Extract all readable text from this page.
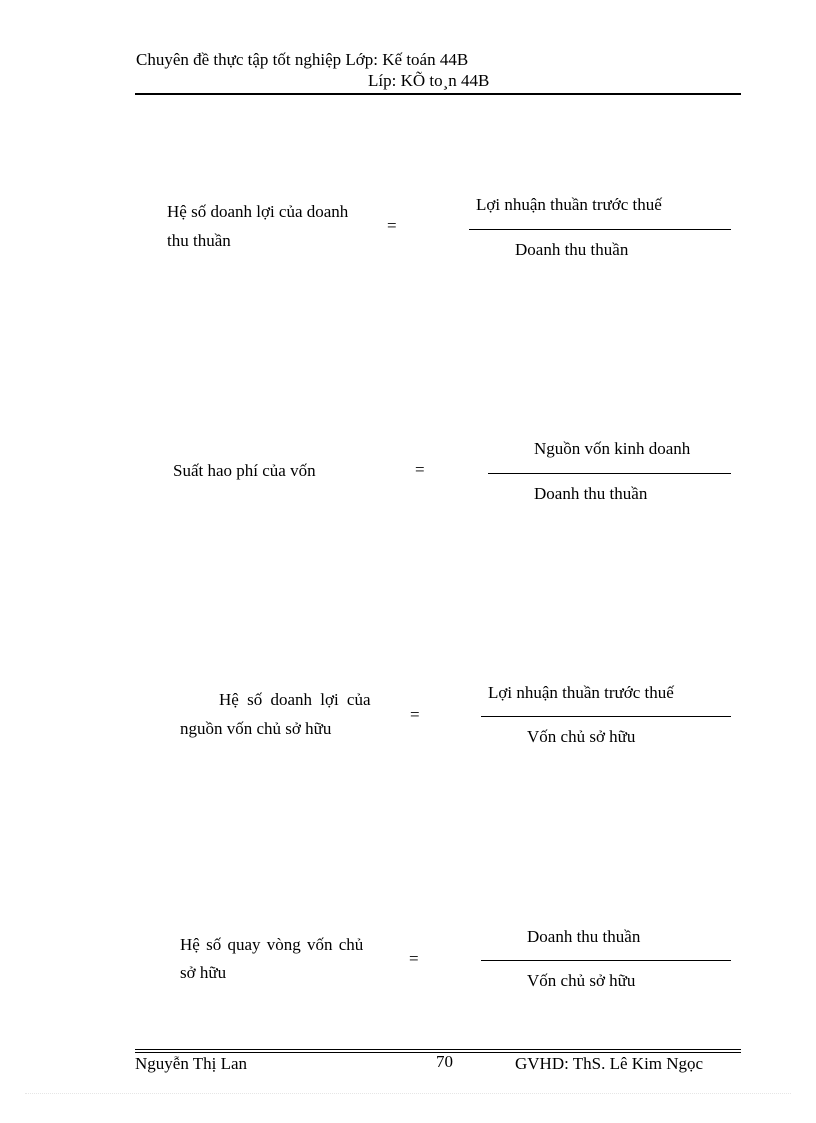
Chuyên đề thực tập tốt nghiệp Lớp: Kế toán 44B
Líp: KÕ to¸n 44B
Hệ số doanh lợi của doanh
thu thuần
=
Lợi nhuận thuần trước thuế
Doanh thu thuần
Suất hao phí của vốn	=
Nguồn vốn kinh doanh
Doanh thu thuần
Hệ số doanh lợi của
nguồn vốn chủ sở hữu
=
Lợi nhuận thuần trước thuế
Vốn chủ sở hữu
Hệ số quay vòng vốn chủ
sở hữu
=
Doanh thu thuần
Vốn chủ sở hữu
Nguyễn Thị Lan	70	GVHD: ThS. Lê Kim Ngọc
